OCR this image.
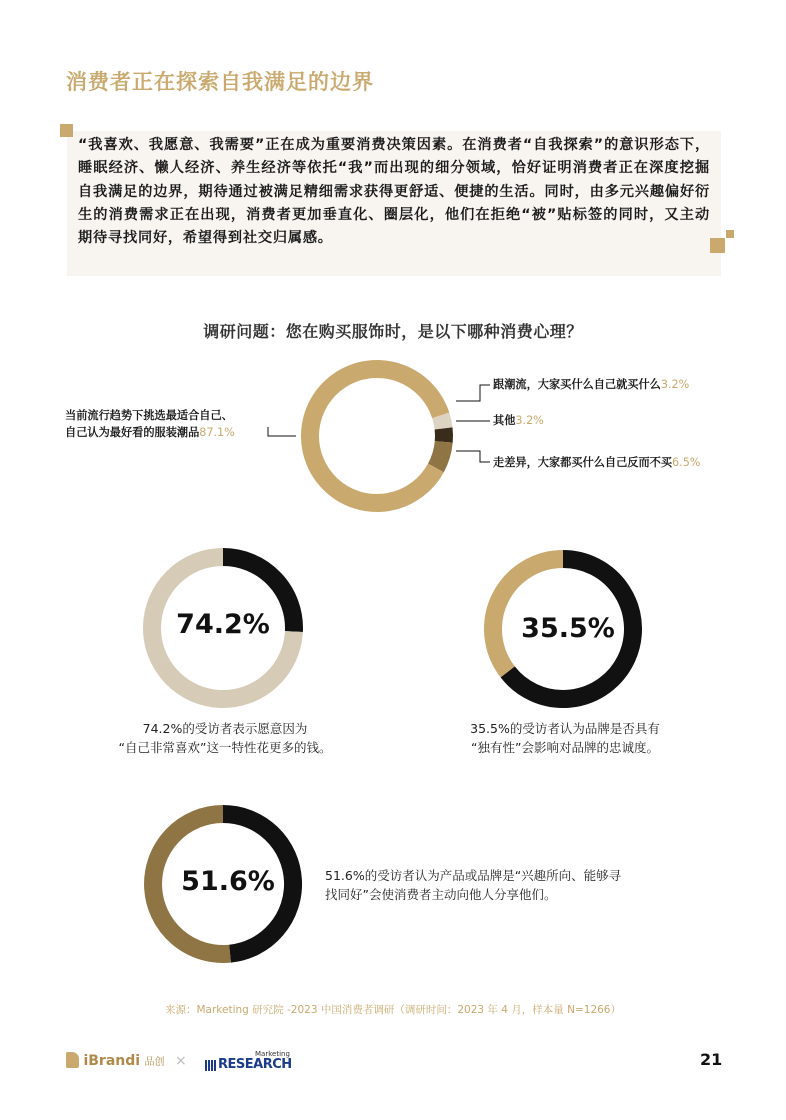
消费者正在探索自我满足的边界
“我喜欢、我愿意、我需要”正在成为重要消费决策因素。在消费者“自我探索”的意识形态下，睡眠经济、懒人经济、养生经济等依托“我”而出现的细分领域，恰好证明消费者正在深度挖掘自我满足的边界，期待通过被满足精细需求获得更舒适、便捷的生活。同时，由多元兴趣偏好衍生的消费需求正在出现，消费者更加垂直化、圈层化，他们在拒绝“被”贴标签的同时，又主动期待寻找同好，希望得到社交归属感。
调研问题：您在购买服饰时，是以下哪种消费心理？
当前流行趋势下挑选最适合自己、
自己认为最好看的服装潮品87.1%
跟潮流，大家买什么自己就买什么3.2%
其他3.2%
走差异，大家都买什么自己反而不买6.5%
74.2%	35.5%
51.6%
74.2%的受访者表示愿意因为
“自己非常喜欢”这一特性花更多的钱。
35.5%的受访者认为品牌是否具有
“独有性”会影响对品牌的忠诚度。
51.6%的受访者认为产品或品牌是“兴趣所向、能够寻
找同好”会使消费者主动向他人分享他们。
来源：Marketing 研究院 -2023 中国消费者调研（调研时间：2023 年 4 月，样本量 N=1266）
iBrandi 品创 ×	Marketing
RESEARCH	21
